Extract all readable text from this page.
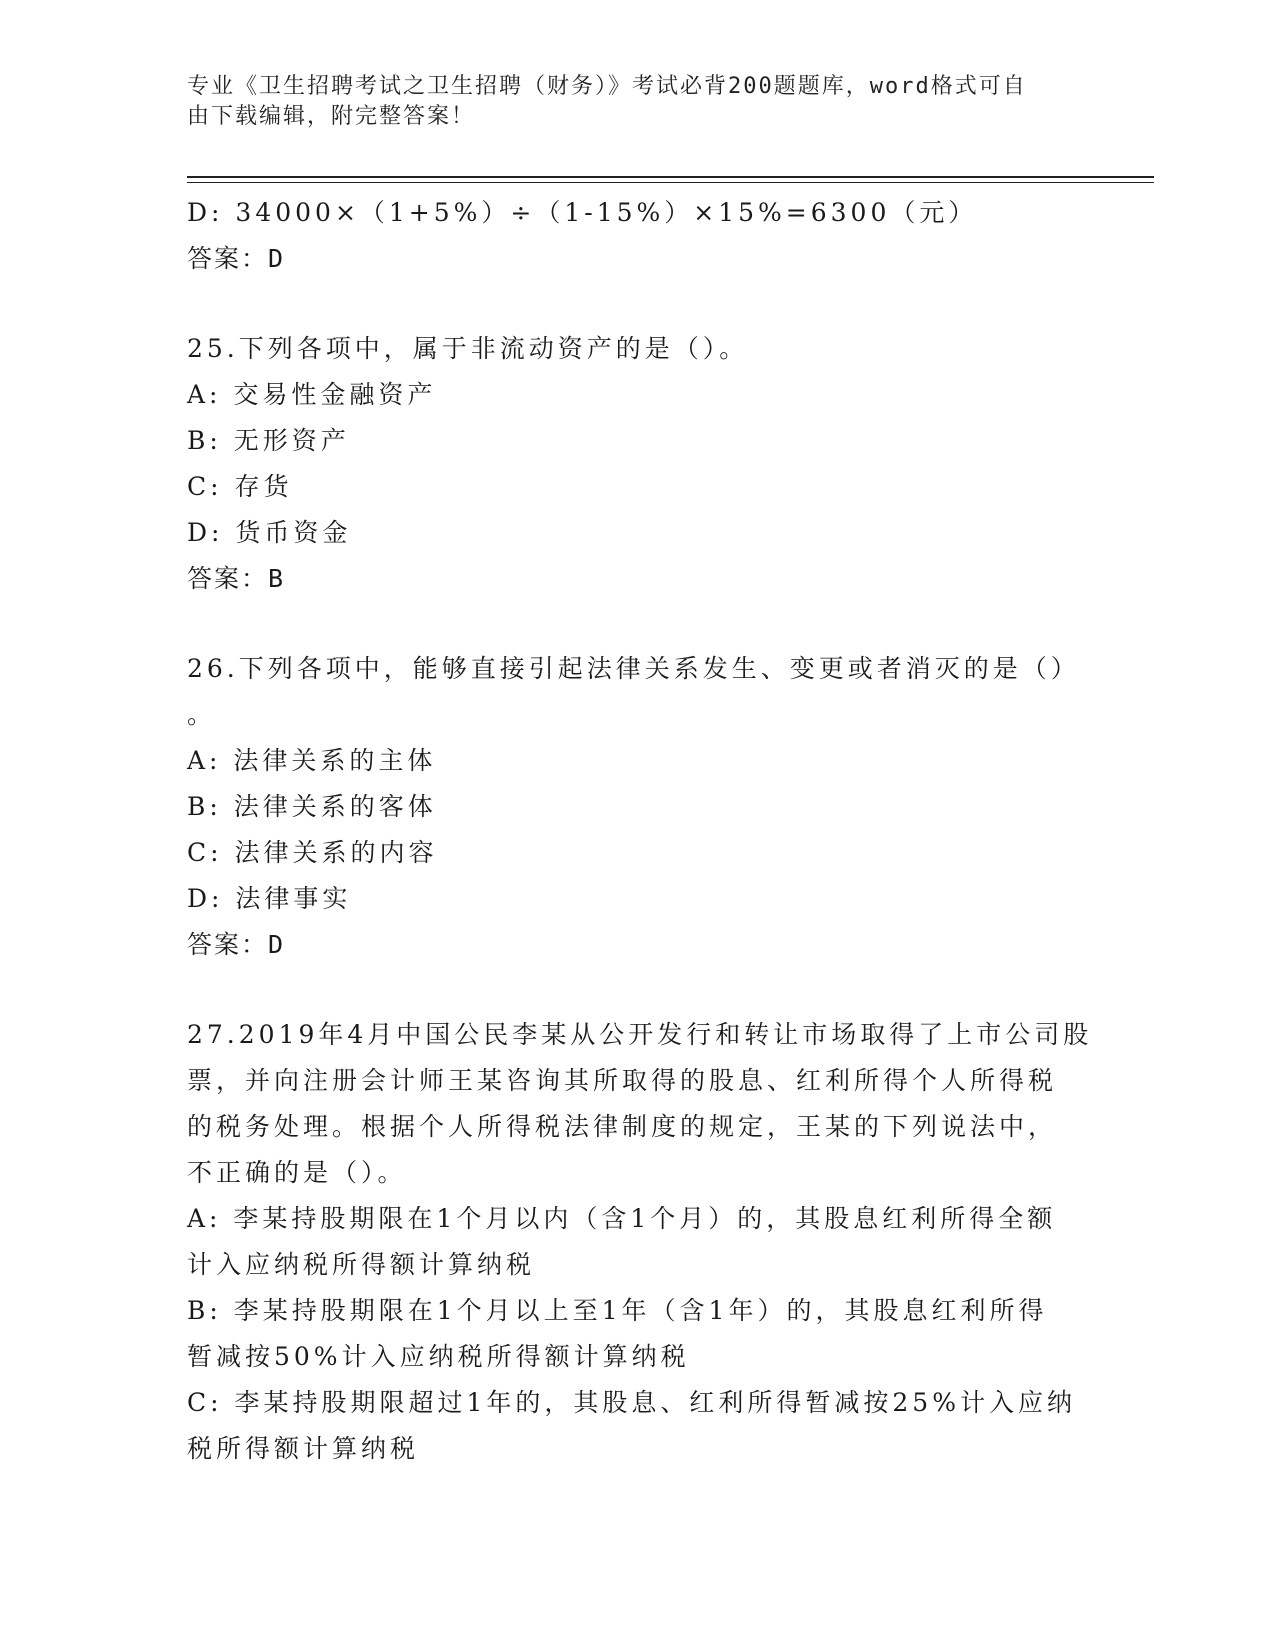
专业《卫生招聘考试之卫生招聘（财务）》考试必背200题题库，word格式可自
由下载编辑，附完整答案！
D: 34000×（1+5%）÷（1-15%）×15%=6300（元）
答案：D
25.下列各项中，属于非流动资产的是（）。
A: 交易性金融资产
B: 无形资产
C: 存货
D: 货币资金
答案：B
26.下列各项中，能够直接引起法律关系发生、变更或者消灭的是（）
。
A: 法律关系的主体
B: 法律关系的客体
C: 法律关系的内容
D: 法律事实
答案：D
27.2019年4月中国公民李某从公开发行和转让市场取得了上市公司股
票，并向注册会计师王某咨询其所取得的股息、红利所得个人所得税
的税务处理。根据个人所得税法律制度的规定，王某的下列说法中，
不正确的是（）。
A: 李某持股期限在1个月以内（含1个月）的，其股息红利所得全额
计入应纳税所得额计算纳税
B: 李某持股期限在1个月以上至1年（含1年）的，其股息红利所得
暂减按50%计入应纳税所得额计算纳税
C: 李某持股期限超过1年的，其股息、红利所得暂减按25%计入应纳
税所得额计算纳税
